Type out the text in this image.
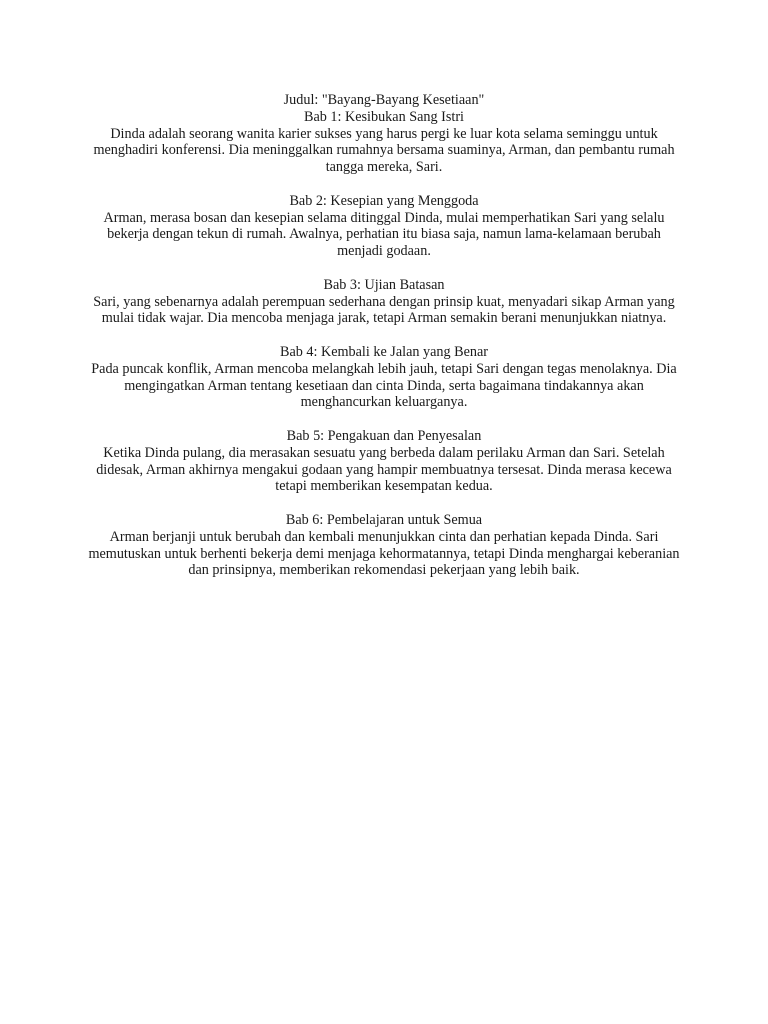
Judul: "Bayang-Bayang Kesetiaan"

Bab 1: Kesibukan Sang Istri

Dinda adalah seorang wanita karier sukses yang harus pergi ke luar kota selama seminggu untuk menghadiri konferensi. Dia meninggalkan rumahnya bersama suaminya, Arman, dan pembantu rumah tangga mereka, Sari.

Bab 2: Kesepian yang Menggoda

Arman, merasa bosan dan kesepian selama ditinggal Dinda, mulai memperhatikan Sari yang selalu bekerja dengan tekun di rumah. Awalnya, perhatian itu biasa saja, namun lama-kelamaan berubah menjadi godaan.

Bab 3: Ujian Batasan

Sari, yang sebenarnya adalah perempuan sederhana dengan prinsip kuat, menyadari sikap Arman yang mulai tidak wajar. Dia mencoba menjaga jarak, tetapi Arman semakin berani menunjukkan niatnya.

Bab 4: Kembali ke Jalan yang Benar

Pada puncak konflik, Arman mencoba melangkah lebih jauh, tetapi Sari dengan tegas menolaknya. Dia mengingatkan Arman tentang kesetiaan dan cinta Dinda, serta bagaimana tindakannya akan menghancurkan keluarganya.

Bab 5: Pengakuan dan Penyesalan

Ketika Dinda pulang, dia merasakan sesuatu yang berbeda dalam perilaku Arman dan Sari. Setelah didesak, Arman akhirnya mengakui godaan yang hampir membuatnya tersesat. Dinda merasa kecewa tetapi memberikan kesempatan kedua.

Bab 6: Pembelajaran untuk Semua

Arman berjanji untuk berubah dan kembali menunjukkan cinta dan perhatian kepada Dinda. Sari memutuskan untuk berhenti bekerja demi menjaga kehormatannya, tetapi Dinda menghargai keberanian dan prinsipnya, memberikan rekomendasi pekerjaan yang lebih baik.
